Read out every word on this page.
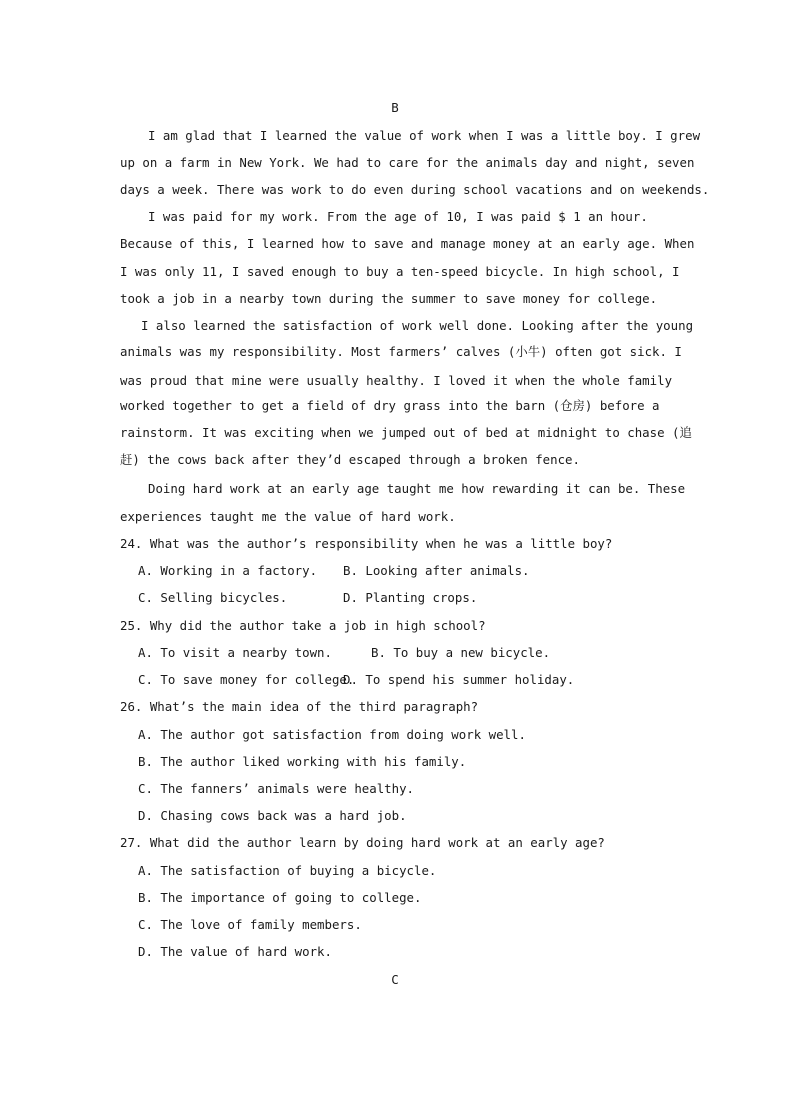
B
I am glad that I learned the value of work when I was a little boy. I grew
up on a farm in New York. We had to care for the animals day and night, seven
days a week. There was work to do even during school vacations and on weekends.
I was paid for my work. From the age of 10, I was paid $ 1 an hour.
Because of this, I learned how to save and manage money at an early age. When
I was only 11, I saved enough to buy a ten-speed bicycle. In high school, I
took a job in a nearby town during the summer to save money for college.
I also learned the satisfaction of work well done. Looking after the young
animals was my responsibility. Most farmers’ calves (小牛) often got sick. I
was proud that mine were usually healthy. I loved it when the whole family
worked together to get a field of dry grass into the barn (仓房) before a
rainstorm. It was exciting when we jumped out of bed at midnight to chase (追
赶) the cows back after they’d escaped through a broken fence.
Doing hard work at an early age taught me how rewarding it can be. These
experiences taught me the value of hard work.
24. What was the author’s responsibility when he was a little boy?
A. Working in a factory. B. Looking after animals.
C. Selling bicycles.	D. Planting crops.
25. Why did the author take a job in high school?
A. To visit a nearby town.	B. To buy a new bicycle.
C. To save money for college.
D. To spend his summer holiday.
26. What’s the main idea of the third paragraph?
A. The author got satisfaction from doing work well.
B. The author liked working with his family.
C. The fanners’ animals were healthy.
D. Chasing cows back was a hard job.
27. What did the author learn by doing hard work at an early age?
A. The satisfaction of buying a bicycle.
B. The importance of going to college.
C. The love of family members.
D. The value of hard work.
C
